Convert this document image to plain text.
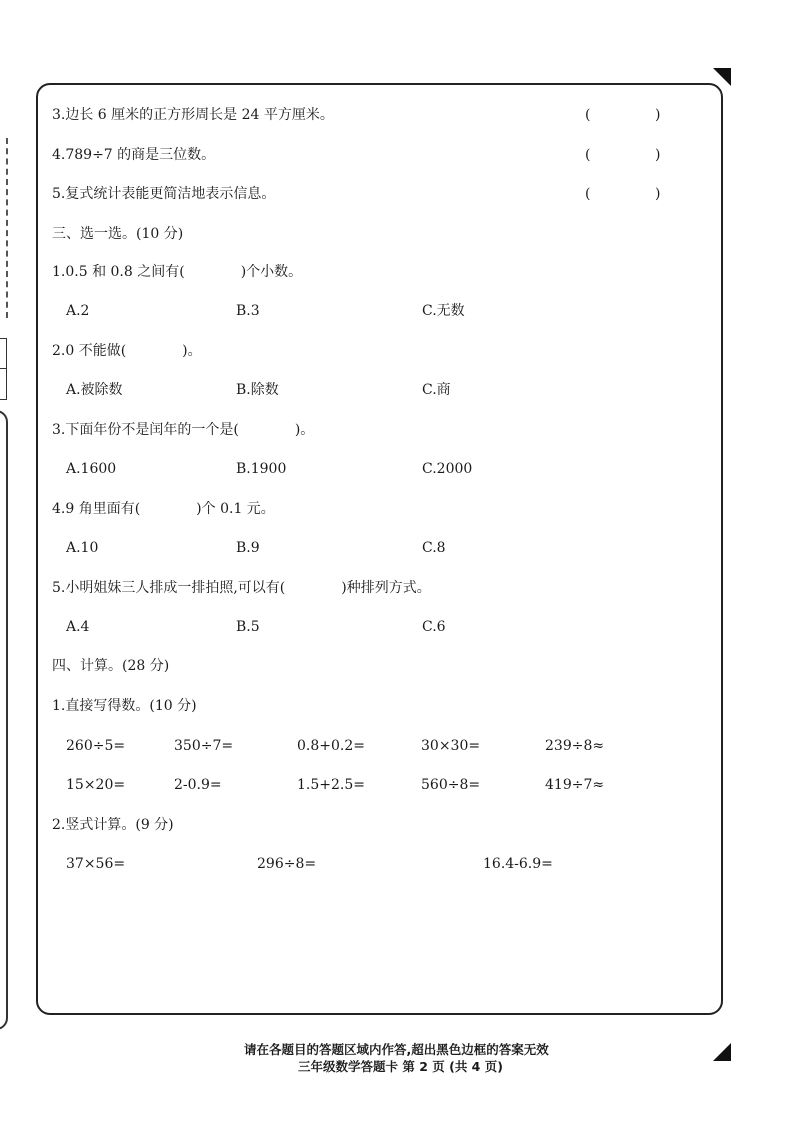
3.边长 6 厘米的正方形周长是 24 平方厘米。	(	)
4.789÷7 的商是三位数。	(	)
5.复式统计表能更简洁地表示信息。	(	)
三、选一选。(10 分)
1.0.5 和 0.8 之间有(　　　　)个小数。
A.2	B.3	C.无数
2.0 不能做(　　　　)。
A.被除数	B.除数	C.商
3.下面年份不是闰年的一个是(　　　　)。
A.1600	B.1900	C.2000
4.9 角里面有(　　　　)个 0.1 元。
A.10	B.9	C.8
5.小明姐妹三人排成一排拍照,可以有(　　　　)种排列方式。
A.4	B.5	C.6
四、计算。(28 分)
1.直接写得数。(10 分)
260÷5=	350÷7=	0.8+0.2=	30×30=	239÷8≈
15×20=	2-0.9=	1.5+2.5=	560÷8=	419÷7≈
2.竖式计算。(9 分)
37×56=	296÷8=	16.4-6.9=
请在各题目的答题区域内作答,超出黑色边框的答案无效
三年级数学答题卡 第 2 页 (共 4 页)
